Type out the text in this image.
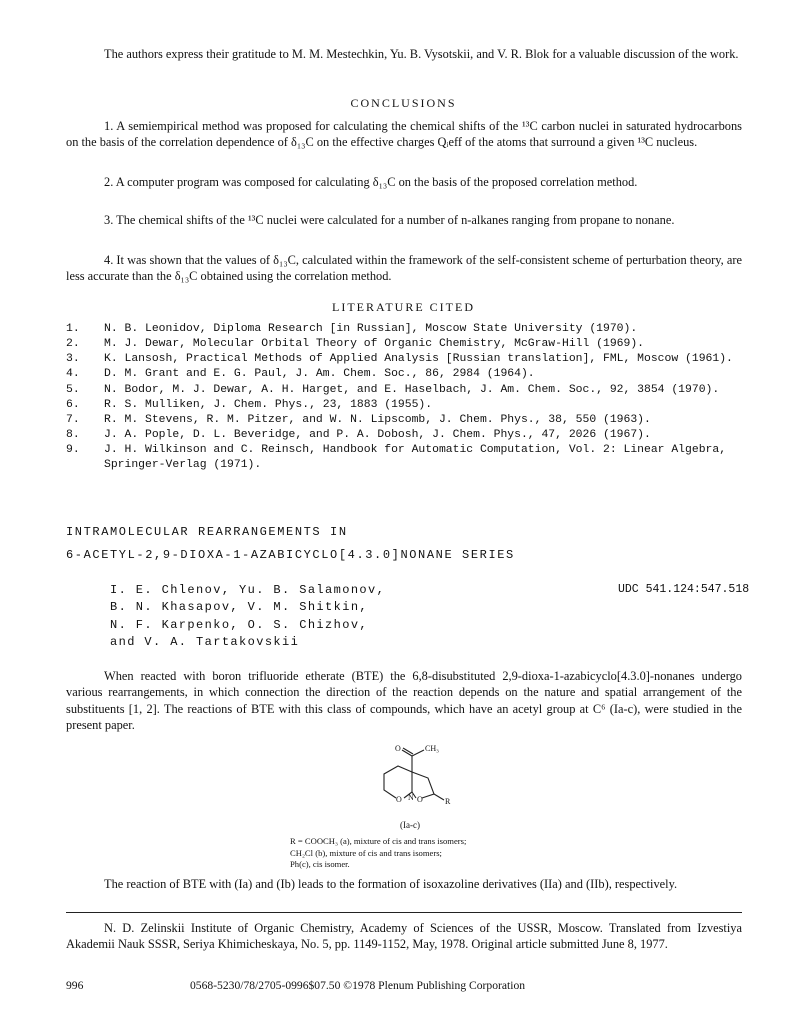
The authors express their gratitude to M. M. Mestechkin, Yu. B. Vysotskii, and V. R. Blok for a valuable discussion of the work.
CONCLUSIONS
1. A semiempirical method was proposed for calculating the chemical shifts of the ¹³C carbon nuclei in saturated hydrocarbons on the basis of the correlation dependence of δ₁₃C on the effective charges Qᵢeff of the atoms that surround a given ¹³C nucleus.
2. A computer program was composed for calculating δ₁₃C on the basis of the proposed correlation method.
3. The chemical shifts of the ¹³C nuclei were calculated for a number of n-alkanes ranging from propane to nonane.
4. It was shown that the values of δ₁₃C, calculated within the framework of the self-consistent scheme of perturbation theory, are less accurate than the δ₁₃C obtained using the correlation method.
LITERATURE CITED
1.	N. B. Leonidov, Diploma Research [in Russian], Moscow State University (1970).
2.	M. J. Dewar, Molecular Orbital Theory of Organic Chemistry, McGraw-Hill (1969).
3.	K. Lansosh, Practical Methods of Applied Analysis [Russian translation], FML, Moscow (1961).
4.	D. M. Grant and E. G. Paul, J. Am. Chem. Soc., 86, 2984 (1964).
5.	N. Bodor, M. J. Dewar, A. H. Harget, and E. Haselbach, J. Am. Chem. Soc., 92, 3854 (1970).
6.	R. S. Mulliken, J. Chem. Phys., 23, 1883 (1955).
7.	R. M. Stevens, R. M. Pitzer, and W. N. Lipscomb, J. Chem. Phys., 38, 550 (1963).
8.	J. A. Pople, D. L. Beveridge, and P. A. Dobosh, J. Chem. Phys., 47, 2026 (1967).
9.	J. H. Wilkinson and C. Reinsch, Handbook for Automatic Computation, Vol. 2: Linear Algebra, Springer-Verlag (1971).
INTRAMOLECULAR REARRANGEMENTS IN
6-ACETYL-2,9-DIOXA-1-AZABICYCLO[4.3.0]NONANE SERIES
I. E. Chlenov, Yu. B. Salamonov,
B. N. Khasapov, V. M. Shitkin,
N. F. Karpenko, O. S. Chizhov,
and V. A. Tartakovskii
UDC 541.124:547.518
When reacted with boron trifluoride etherate (BTE) the 6,8-disubstituted 2,9-dioxa-1-azabicyclo[4.3.0]-nonanes undergo various rearrangements, in which connection the direction of the reaction depends on the nature and spatial arrangement of the substituents [1, 2]. The reactions of BTE with this class of compounds, which have an acetyl group at C⁶ (Ia-c), were studied in the present paper.
O	CH₃
O N O	R
(Ia-c)
R = COOCH₃ (a), mixture of cis and trans isomers;
CH₂Cl (b), mixture of cis and trans isomers;
Ph(c), cis isomer.
The reaction of BTE with (Ia) and (Ib) leads to the formation of isoxazoline derivatives (IIa) and (IIb), respectively.
N. D. Zelinskii Institute of Organic Chemistry, Academy of Sciences of the USSR, Moscow. Translated from Izvestiya Akademii Nauk SSSR, Seriya Khimicheskaya, No. 5, pp. 1149-1152, May, 1978. Original article submitted June 8, 1977.
996	0568-5230/78/2705-0996$07.50 ©1978 Plenum Publishing Corporation
